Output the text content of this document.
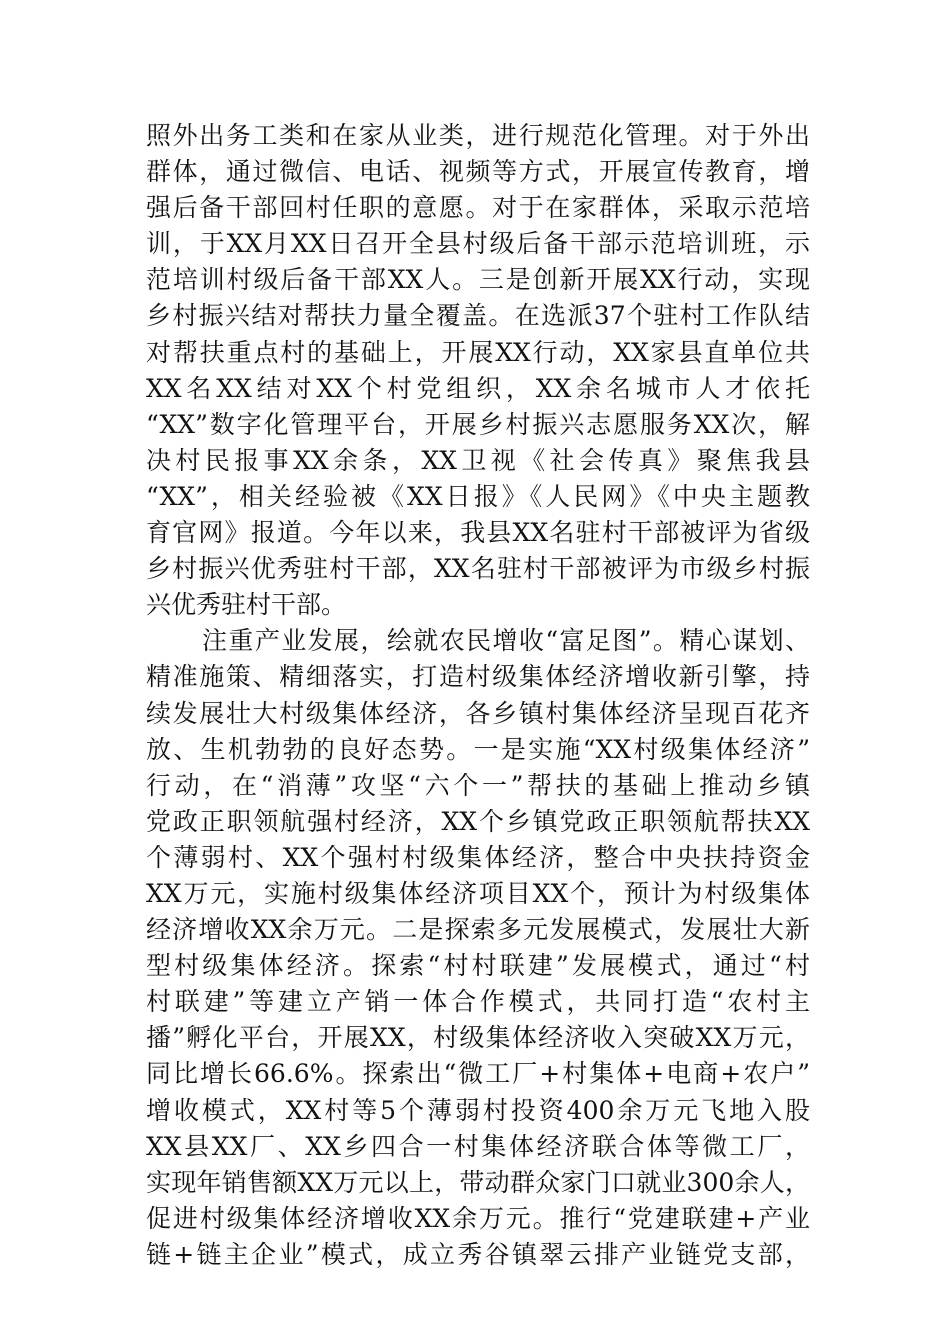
照外出务工类和在家从业类，进行规范化管理。对于外出
群体，通过微信、电话、视频等方式，开展宣传教育，增
强后备干部回村任职的意愿。对于在家群体，采取示范培
训，于XX月XX日召开全县村级后备干部示范培训班，示
范培训村级后备干部XX人。三是创新开展XX行动，实现
乡村振兴结对帮扶力量全覆盖。在选派37个驻村工作队结
对帮扶重点村的基础上，开展XX行动，XX家县直单位共
XX名XX结对XX个村党组织，XX余名城市人才依托
“XX”数字化管理平台，开展乡村振兴志愿服务XX次，解
决村民报事XX余条，XX卫视《社会传真》聚焦我县
“XX”，相关经验被《XX日报》《人民网》《中央主题教
育官网》报道。今年以来，我县XX名驻村干部被评为省级
乡村振兴优秀驻村干部，XX名驻村干部被评为市级乡村振
兴优秀驻村干部。
注重产业发展，绘就农民增收“富足图”。精心谋划、
精准施策、精细落实，打造村级集体经济增收新引擎，持
续发展壮大村级集体经济，各乡镇村集体经济呈现百花齐
放、生机勃勃的良好态势。一是实施“XX村级集体经济”
行动，在“消薄”攻坚“六个一”帮扶的基础上推动乡镇
党政正职领航强村经济，XX个乡镇党政正职领航帮扶XX
个薄弱村、XX个强村村级集体经济，整合中央扶持资金
XX万元，实施村级集体经济项目XX个，预计为村级集体
经济增收XX余万元。二是探索多元发展模式，发展壮大新
型村级集体经济。探索“村村联建”发展模式，通过“村
村联建”等建立产销一体合作模式，共同打造“农村主
播”孵化平台，开展XX，村级集体经济收入突破XX万元，
同比增长66.6%。探索出“微工厂+村集体+电商+农户”
增收模式，XX村等5个薄弱村投资400余万元飞地入股
XX县XX厂、XX乡四合一村集体经济联合体等微工厂，
实现年销售额XX万元以上，带动群众家门口就业300余人，
促进村级集体经济增收XX余万元。推行“党建联建+产业
链+链主企业”模式，成立秀谷镇翠云排产业链党支部，
